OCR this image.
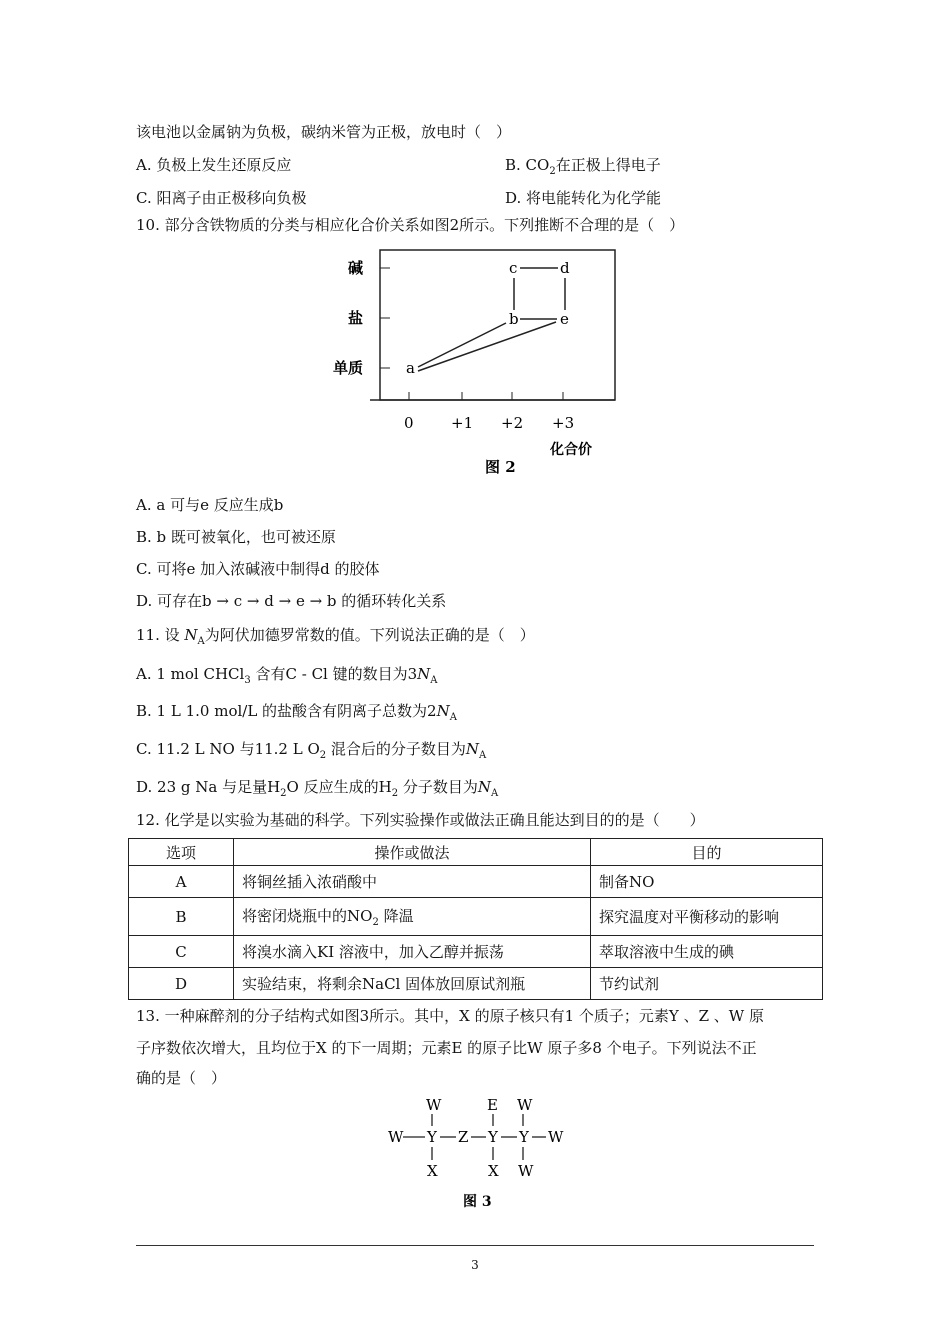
该电池以金属钠为负极，碳纳米管为正极，放电时（　）
A. 负极上发生还原反应	B. $CO_2$在正极上得电子
C. 阳离子由正极移向负极	D. 将电能转化为化学能
10. 部分含铁物质的分类与相应化合价关系如图2所示。下列推断不合理的是（　）
碱
盐
单质
0 +1 +2 +3
化合价
c	d
b	e
a
图 2
A. a 可与e 反应生成b
B. b 既可被氧化，也可被还原
C. 可将e 加入浓碱液中制得d 的胶体
D. 可存在b → c → d → e → b 的循环转化关系
11. 设 $N_A$为阿伏加德罗常数的值。下列说法正确的是（　）
A. 1 mol CHCl$_3$ 含有C - Cl 键的数目为$3N_A$
B. 1 L 1.0 mol/L 的盐酸含有阴离子总数为$2N_A$
C. 11.2 L NO 与11.2 L $O_2$ 混合后的分子数目为$N_A$
D. 23 g Na 与足量$H_2O$ 反应生成的$H_2$ 分子数目为$N_A$
12. 化学是以实验为基础的科学。下列实验操作或做法正确且能达到目的的是（　　）
选项	操作或做法	目的
A	将铜丝插入浓硝酸中	制备NO
B	将密闭烧瓶中的$NO_2$ 降温	探究温度对平衡移动的影响
C	将溴水滴入KI 溶液中，加入乙醇并振荡	萃取溶液中生成的碘
D	实验结束，将剩余NaCl 固体放回原试剂瓶	节约试剂
13. 一种麻醉剂的分子结构式如图3所示。其中，X 的原子核只有1 个质子；元素Y 、Z 、W 原
子序数依次增大，且均位于X 的下一周期；元素E 的原子比W 原子多8 个电子。下列说法不正
确的是（　）
W	E W
W Y Z Y Y W
X	X W
图 3
3
